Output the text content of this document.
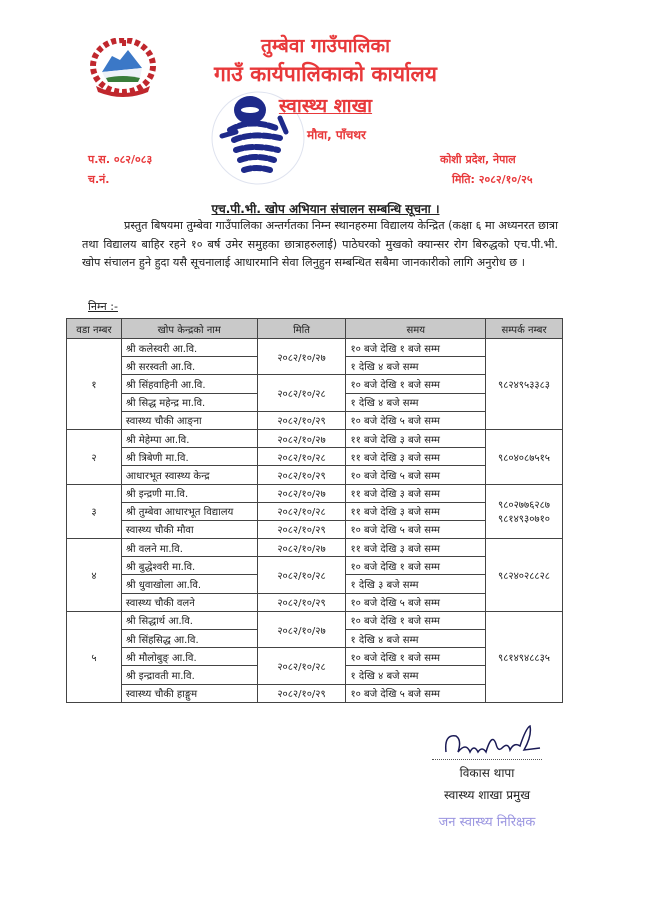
तुम्बेवा गाउँपालिका
गाउँ कार्यपालिकाको कार्यालय
स्वास्थ्य शाखा
मौवा, पाँचथर
प.स. ०८२/०८३
च.नं.
कोशी प्रदेश, नेपाल
मिति: २०८२/१०/२५
एच.पी.भी. खोप अभियान संचालन सम्बन्धि सूचना ।
प्रस्तुत बिषयमा तुम्बेवा गाउँपालिका अन्तर्गतका निम्न स्थानहरुमा विद्यालय केन्द्रित (कक्षा ६ मा अध्यनरत छात्रा तथा विद्यालय बाहिर रहने १० बर्ष उमेर समुहका छात्राहरुलाई) पाठेघरको मुखको क्यान्सर रोग बिरुद्धको एच.पी.भी. खोप संचालन हुने हुदा यसै सूचनालाई आधारमानि सेवा लिनुहुन सम्बन्धित सबैमा जानकारीको लागि अनुरोध छ ।
निम्न :-
वडा नम्बर	खोप केन्द्रको नाम	मिति	समय	सम्पर्क नम्बर
१	श्री कलेस्वरी आ.वि.	२०८२/१०/२७	१० बजे देखि १ बजे सम्म	९८२४९५३३८३

	श्री सरस्वती आ.वि.		१ देखि ४ बजे सम्म	
	श्री सिंहवाहिनी आ.वि.	२०८२/१०/२८	१० बजे देखि १ बजे सम्म	
	श्री सिद्ध महेन्द्र मा.वि.		१ देखि ४ बजे सम्म	
	स्वास्थ्य चौकी आङ्ना	२०८२/१०/२९	१० बजे देखि ५ बजे सम्म	
२	श्री मेहेम्पा आ.वि.	२०८२/१०/२७	११ बजे देखि ३ बजे सम्म	९८०४०८७५१५

	श्री त्रिबेणी मा.वि.	२०८२/१०/२८	११ बजे देखि ३ बजे सम्म	
	आधारभूत स्वास्थ्य केन्द्र	२०८२/१०/२९	१० बजे देखि ५ बजे सम्म	
३	श्री इन्द्रणी मा.वि.	२०८२/१०/२७	११ बजे देखि ३ बजे सम्म	९८०२७७६२८७
९८१४९३०७१०

	श्री तुम्बेवा आधारभूत विद्यालय	२०८२/१०/२८	११ बजे देखि ३ बजे सम्म	
	स्वास्थ्य चौकी मौवा	२०८२/१०/२९	१० बजे देखि ५ बजे सम्म	
४	श्री वलने मा.वि.	२०८२/१०/२७	११ बजे देखि ३ बजे सम्म	९८२४०२८८२८

	श्री बुद्धेश्वरी मा.वि.	२०८२/१०/२८	१० बजे देखि १ बजे सम्म	
	श्री धुवाखोला आ.वि.		१ देखि ३ बजे सम्म	
	स्वास्थ्य चौकी वलने	२०८२/१०/२९	१० बजे देखि ५ बजे सम्म	
५	श्री सिद्धार्थ आ.वि.	२०८२/१०/२७	१० बजे देखि १ बजे सम्म	९८१४९४८८३५

	श्री सिंहसिद्ध आ.वि.		१ देखि ४ बजे सम्म	
	श्री मौलोबुङ् आ.वि.	२०८२/१०/२८	१० बजे देखि १ बजे सम्म	
	श्री इन्द्रावती मा.वि.		१ देखि ४ बजे सम्म	
	स्वास्थ्य चौकी हाङ्गुम	२०८२/१०/२९	१० बजे देखि ५ बजे सम्म	
विकास थापा
स्वास्थ्य शाखा प्रमुख
जन स्वास्थ्य निरिक्षक
